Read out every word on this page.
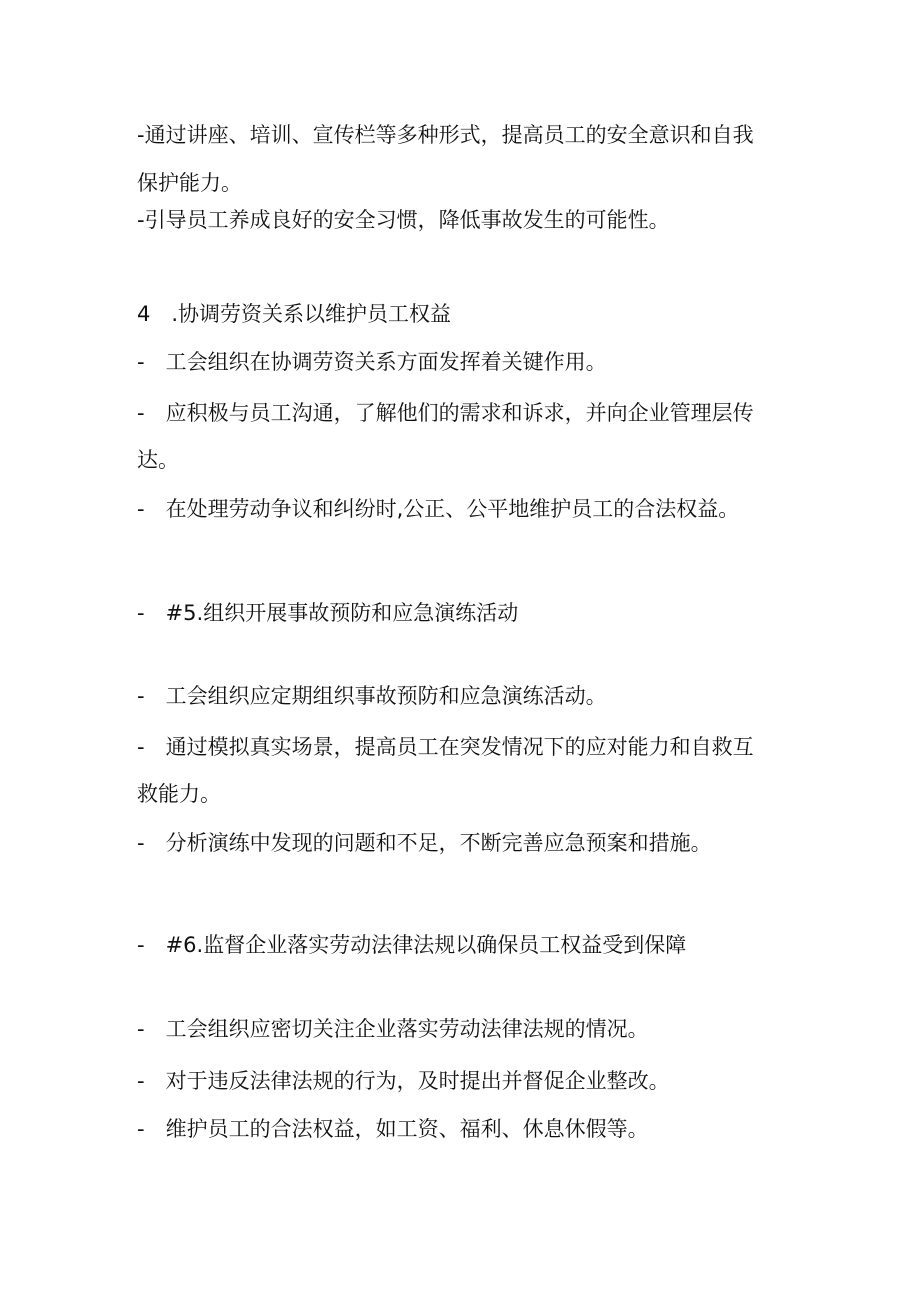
-通过讲座、培训、宣传栏等多种形式，提高员工的安全意识和自我
保护能力。
-引导员工养成良好的安全习惯，降低事故发生的可能性。
4　.协调劳资关系以维护员工权益
-　工会组织在协调劳资关系方面发挥着关键作用。
-　应积极与员工沟通，了解他们的需求和诉求，并向企业管理层传
达。
-　在处理劳动争议和纠纷时,公正、公平地维护员工的合法权益。
-　#5.组织开展事故预防和应急演练活动
-　工会组织应定期组织事故预防和应急演练活动。
-　通过模拟真实场景，提高员工在突发情况下的应对能力和自救互
救能力。
-　分析演练中发现的问题和不足，不断完善应急预案和措施。
-　#6.监督企业落实劳动法律法规以确保员工权益受到保障
-　工会组织应密切关注企业落实劳动法律法规的情况。
-　对于违反法律法规的行为，及时提出并督促企业整改。
-　维护员工的合法权益，如工资、福利、休息休假等。
